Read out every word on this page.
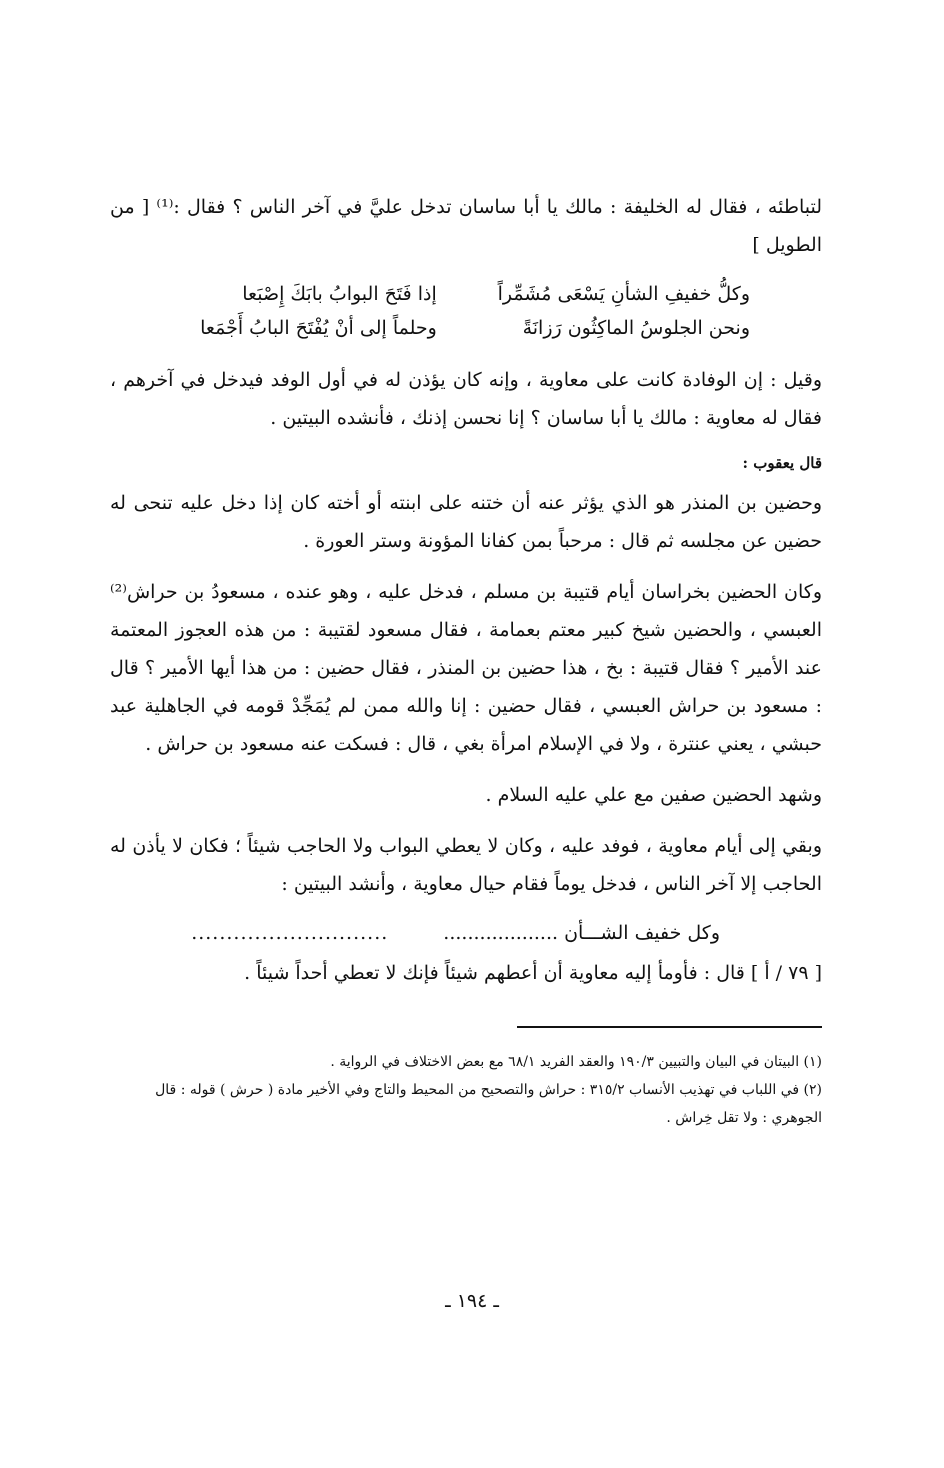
لتباطئه ، فقال له الخليفة : مالك يا أبا ساسان تدخل عليَّ في آخر الناس ؟ فقال :⁽¹⁾ [ من الطويل ]

وكلُّ خفيفِ الشأنِ يَسْعَى مُشَمِّراً
إذا فَتَحَ البوابُ بابَكَ إِصْبَعا
ونحن الجلوسُ الماكِثُون رَزانَةً
وحلماً إلى أنْ يُفْتَحَ البابُ أَجْمَعا

وقيل : إن الوفادة كانت على معاوية ، وإنه كان يؤذن له في أول الوفد فيدخل في آخرهم ، فقال له معاوية : مالك يا أبا ساسان ؟ إنا نحسن إذنك ، فأنشده البيتين .

قال يعقوب :

وحضين بن المنذر هو الذي يؤثر عنه أن ختنه على ابنته أو أخته كان إذا دخل عليه تنحى له حضين عن مجلسه ثم قال : مرحباً بمن كفانا المؤونة وستر العورة .

وكان الحضين بخراسان أيام قتيبة بن مسلم ، فدخل عليه ، وهو عنده ، مسعودُ بن حراش⁽²⁾ العبسي ، والحضين شيخ كبير معتم بعمامة ، فقال مسعود لقتيبة : من هذه العجوز المعتمة عند الأمير ؟ فقال قتيبة : بخ ، هذا حضين بن المنذر ، فقال حضين : من هذا أيها الأمير ؟ قال : مسعود بن حراش العبسي ، فقال حضين : إنا والله ممن لم يُمَجِّدْ قومه في الجاهلية عبد حبشي ، يعني عنترة ، ولا في الإسلام امرأة بغي ، قال : فسكت عنه مسعود بن حراش .

وشهد الحضين صفين مع علي عليه السلام .

وبقي إلى أيام معاوية ، فوفد عليه ، وكان لا يعطي البواب ولا الحاجب شيئاً ؛ فكان لا يأذن له الحاجب إلا آخر الناس ، فدخل يوماً فقام حيال معاوية ، وأنشد البيتين :

وكل خفيف الشـــأن ...................
............................

[ ٧٩ / أ ] قال : فأومأ إليه معاوية أن أعطهم شيئاً فإنك لا تعطي أحداً شيئاً .

(١) البيتان في البيان والتبيين ١٩٠/٣ والعقد الفريد ٦٨/١ مع بعض الاختلاف في الرواية .

(٢) في اللباب في تهذيب الأنساب ٣١٥/٢ : حراش والتصحيح من المحيط والتاج وفي الأخير مادة ( حرش ) قوله : قال الجوهري : ولا تقل خِراش .

ـ ١٩٤ ـ
